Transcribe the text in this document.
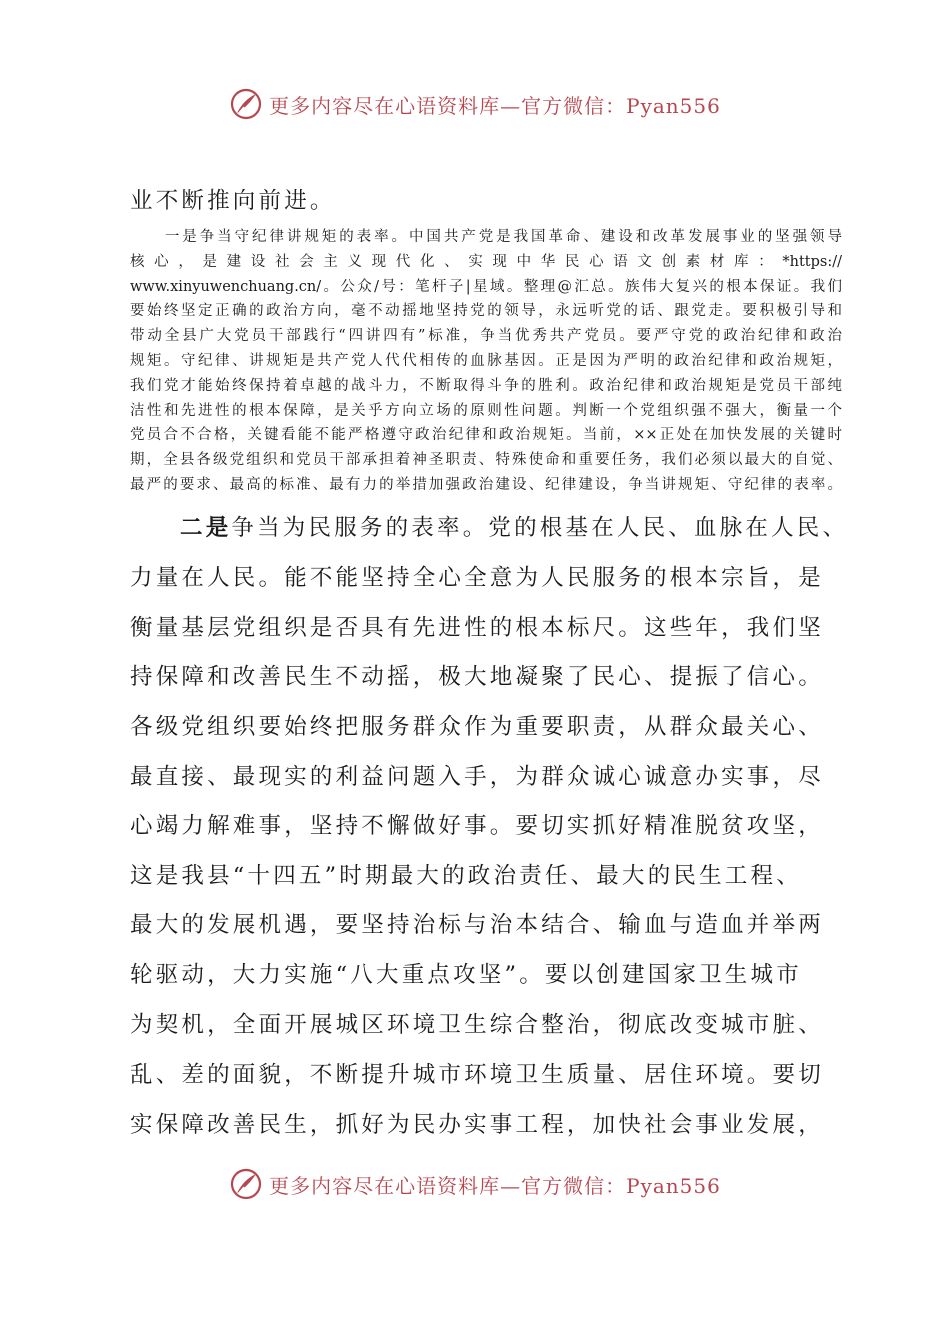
更多内容尽在心语资料库—官方微信：Pyan556
业不断推向前进。

　　一是争当守纪律讲规矩的表率。中国共产党是我国革命、建设和改革发展事业的坚强领导

核心，是建设社会主义现代化、实现中华民心语文创素材库：*https://

www.xinyuwenchuang.cn/。公众/号：笔杆子|星域。整理@汇总。族伟大复兴的根本保证。我们

要始终坚定正确的政治方向，毫不动摇地坚持党的领导，永远听党的话、跟党走。要积极引导和

带动全县广大党员干部践行“四讲四有”标准，争当优秀共产党员。要严守党的政治纪律和政治

规矩。守纪律、讲规矩是共产党人代代相传的血脉基因。正是因为严明的政治纪律和政治规矩，

我们党才能始终保持着卓越的战斗力，不断取得斗争的胜利。政治纪律和政治规矩是党员干部纯

洁性和先进性的根本保障，是关乎方向立场的原则性问题。判断一个党组织强不强大，衡量一个

党员合不合格，关键看能不能严格遵守政治纪律和政治规矩。当前，××正处在加快发展的关键时

期，全县各级党组织和党员干部承担着神圣职责、特殊使命和重要任务，我们必须以最大的自觉、

最严的要求、最高的标准、最有力的举措加强政治建设、纪律建设，争当讲规矩、守纪律的表率。

二是争当为民服务的表率。党的根基在人民、血脉在人民、
力量在人民。能不能坚持全心全意为人民服务的根本宗旨，是
衡量基层党组织是否具有先进性的根本标尺。这些年，我们坚
持保障和改善民生不动摇，极大地凝聚了民心、提振了信心。
各级党组织要始终把服务群众作为重要职责，从群众最关心、
最直接、最现实的利益问题入手，为群众诚心诚意办实事，尽
心竭力解难事，坚持不懈做好事。要切实抓好精准脱贫攻坚，
这是我县“十四五”时期最大的政治责任、最大的民生工程、
最大的发展机遇，要坚持治标与治本结合、输血与造血并举两
轮驱动，大力实施“八大重点攻坚”。要以创建国家卫生城市
为契机，全面开展城区环境卫生综合整治，彻底改变城市脏、
乱、差的面貌，不断提升城市环境卫生质量、居住环境。要切
实保障改善民生，抓好为民办实事工程，加快社会事业发展，
更多内容尽在心语资料库—官方微信：Pyan556
